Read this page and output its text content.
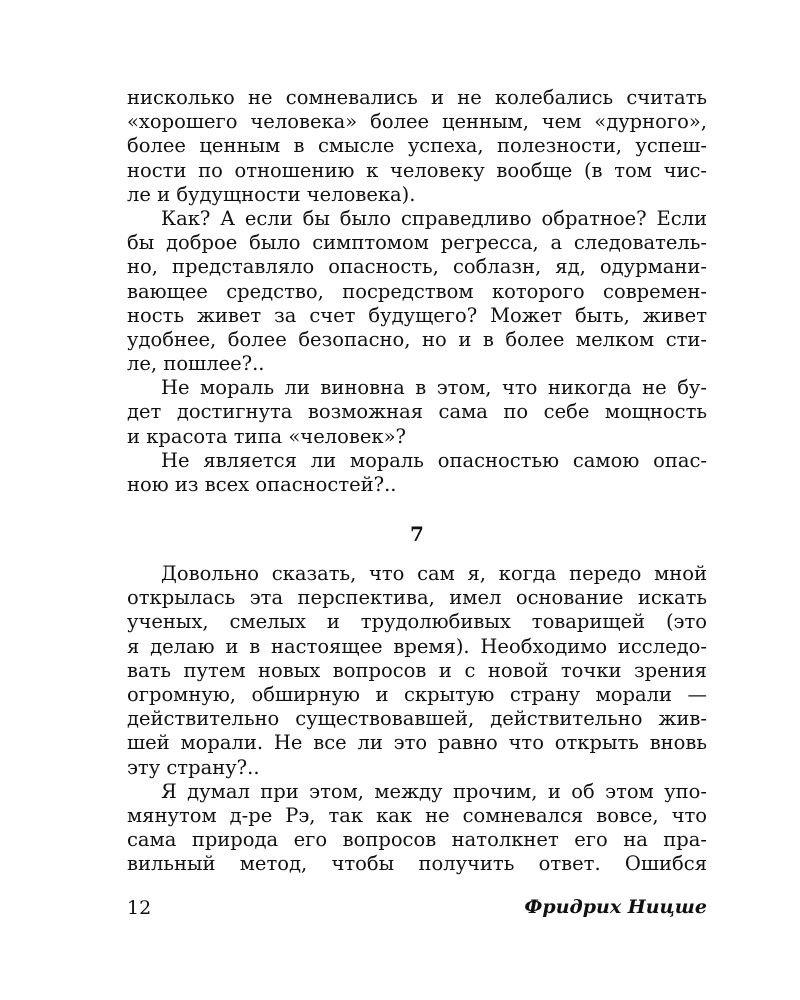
нисколько не сомневались и не колебались считать
«хорошего человека» более ценным, чем «дурного»,
более ценным в смысле успеха, полезности, успеш-
ности по отношению к человеку вообще (в том чис-
ле и будущности человека).
Как? А если бы было справедливо обратное? Если
бы доброе было симптомом регресса, а следователь-
но, представляло опасность, соблазн, яд, одурмани-
вающее средство, посредством которого современ-
ность живет за счет будущего? Может быть, живет
удобнее, более безопасно, но и в более мелком сти-
ле, пошлее?..
Не мораль ли виновна в этом, что никогда не бу-
дет достигнута возможная сама по себе мощность
и красота типа «человек»?
Не является ли мораль опасностью самою опас-
ною из всех опасностей?..
7
Довольно сказать, что сам я, когда передо мной
открылась эта перспектива, имел основание искать
ученых, смелых и трудолюбивых товарищей (это
я делаю и в настоящее время). Необходимо исследо-
вать путем новых вопросов и с новой точки зрения
огромную, обширную и скрытую страну морали —
действительно существовавшей, действительно жив-
шей морали. Не все ли это равно что открыть вновь
эту страну?..
Я думал при этом, между прочим, и об этом упо-
мянутом д-ре Рэ, так как не сомневался вовсе, что
сама природа его вопросов натолкнет его на пра-
вильный метод, чтобы получить ответ. Ошибся
12	Фридрих Ницше
